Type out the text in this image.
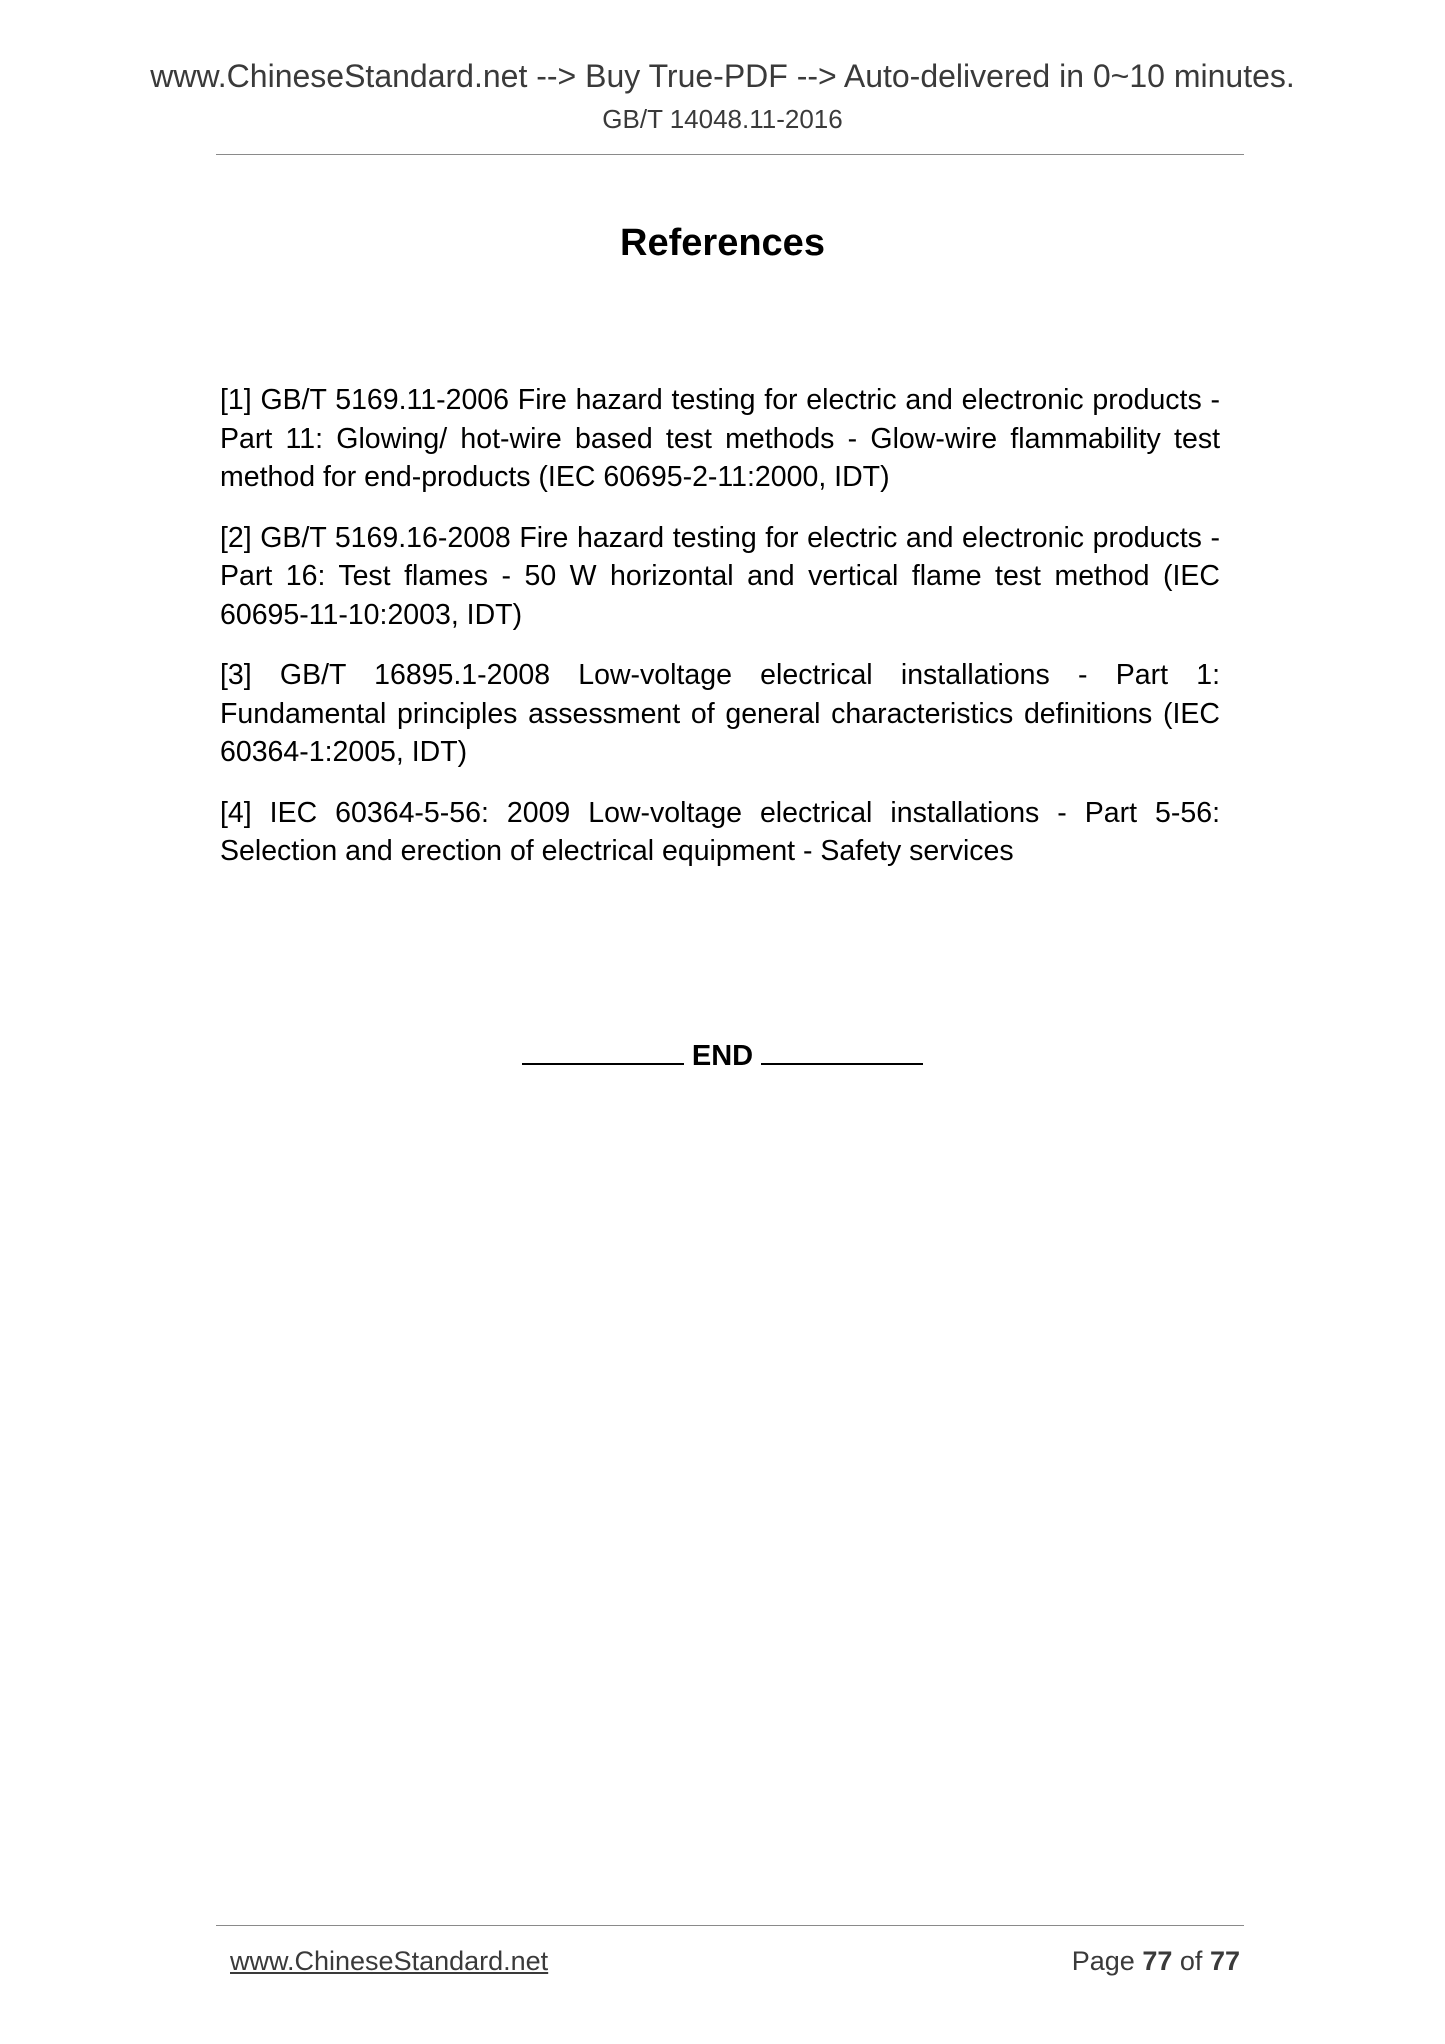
www.ChineseStandard.net --> Buy True-PDF --> Auto-delivered in 0~10 minutes.
GB/T 14048.11-2016
References

[1] GB/T 5169.11-2006 Fire hazard testing for electric and electronic products - Part 11: Glowing/ hot-wire based test methods - Glow-wire flammability test method for end-products (IEC 60695-2-11:2000, IDT)

[2] GB/T 5169.16-2008 Fire hazard testing for electric and electronic products - Part 16: Test flames - 50 W horizontal and vertical flame test method (IEC 60695-11-10:2003, IDT)

[3] GB/T 16895.1-2008 Low-voltage electrical installations - Part 1: Fundamental principles assessment of general characteristics definitions (IEC 60364-1:2005, IDT)

[4] IEC 60364-5-56: 2009 Low-voltage electrical installations - Part 5-56: Selection and erection of electrical equipment - Safety services

END
www.ChineseStandard.net	Page 77 of 77
